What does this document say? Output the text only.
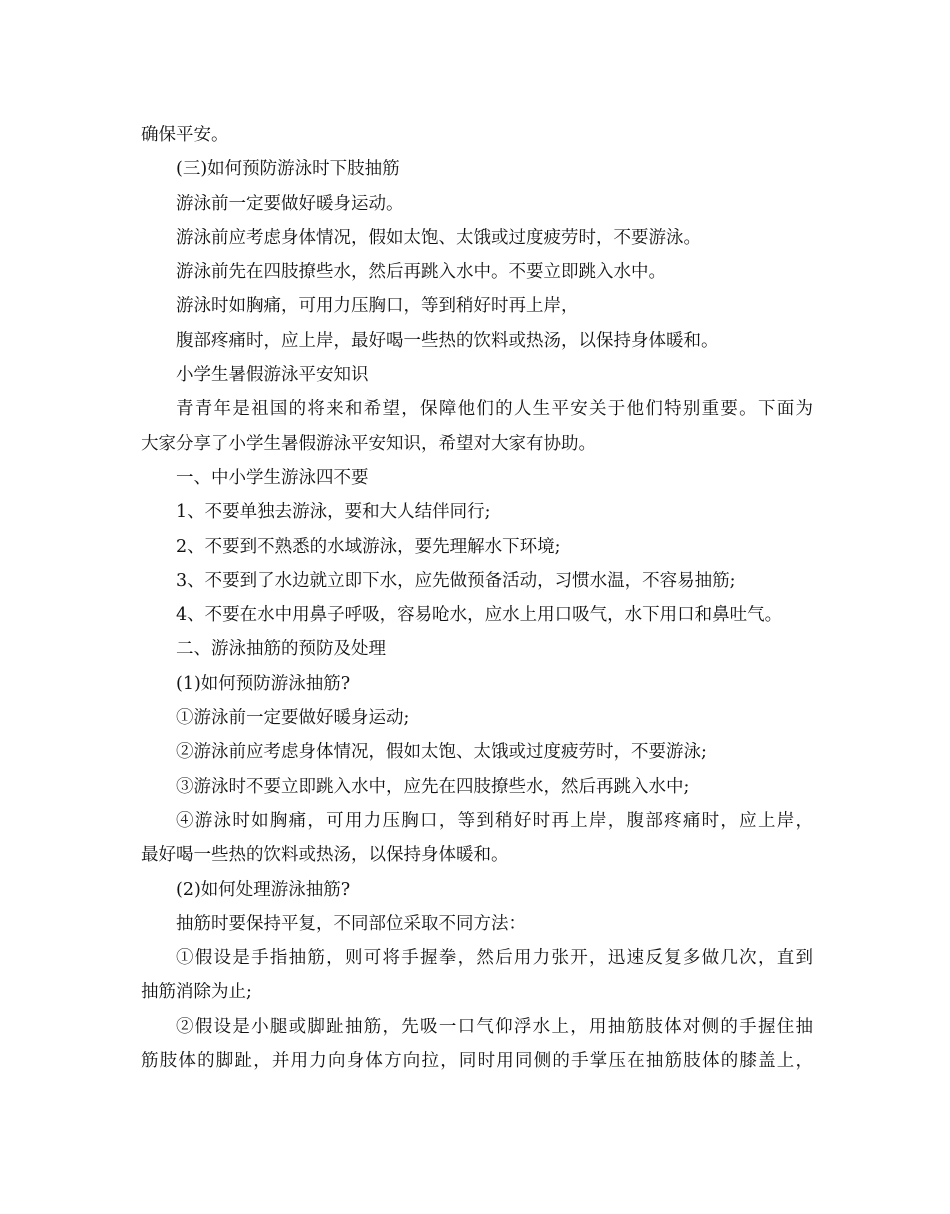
确保平安。
(三)如何预防游泳时下肢抽筋
游泳前一定要做好暖身运动。
游泳前应考虑身体情况，假如太饱、太饿或过度疲劳时，不要游泳。
游泳前先在四肢撩些水，然后再跳入水中。不要立即跳入水中。
游泳时如胸痛，可用力压胸口，等到稍好时再上岸，
腹部疼痛时，应上岸，最好喝一些热的饮料或热汤，以保持身体暖和。
小学生暑假游泳平安知识
青青年是祖国的将来和希望，保障他们的人生平安关于他们特别重要。下面为
大家分享了小学生暑假游泳平安知识，希望对大家有协助。
一、中小学生游泳四不要
1、不要单独去游泳，要和大人结伴同行;
2、不要到不熟悉的水域游泳，要先理解水下环境;
3、不要到了水边就立即下水，应先做预备活动，习惯水温，不容易抽筋;
4、不要在水中用鼻子呼吸，容易呛水，应水上用口吸气，水下用口和鼻吐气。
二、游泳抽筋的预防及处理
(1)如何预防游泳抽筋?
①游泳前一定要做好暖身运动;
②游泳前应考虑身体情况，假如太饱、太饿或过度疲劳时，不要游泳;
③游泳时不要立即跳入水中，应先在四肢撩些水，然后再跳入水中;
④游泳时如胸痛，可用力压胸口，等到稍好时再上岸，腹部疼痛时，应上岸，
最好喝一些热的饮料或热汤，以保持身体暖和。
(2)如何处理游泳抽筋?
抽筋时要保持平复，不同部位采取不同方法：
①假设是手指抽筋，则可将手握拳，然后用力张开，迅速反复多做几次，直到
抽筋消除为止;
②假设是小腿或脚趾抽筋，先吸一口气仰浮水上，用抽筋肢体对侧的手握住抽
筋肢体的脚趾，并用力向身体方向拉，同时用同侧的手掌压在抽筋肢体的膝盖上，
